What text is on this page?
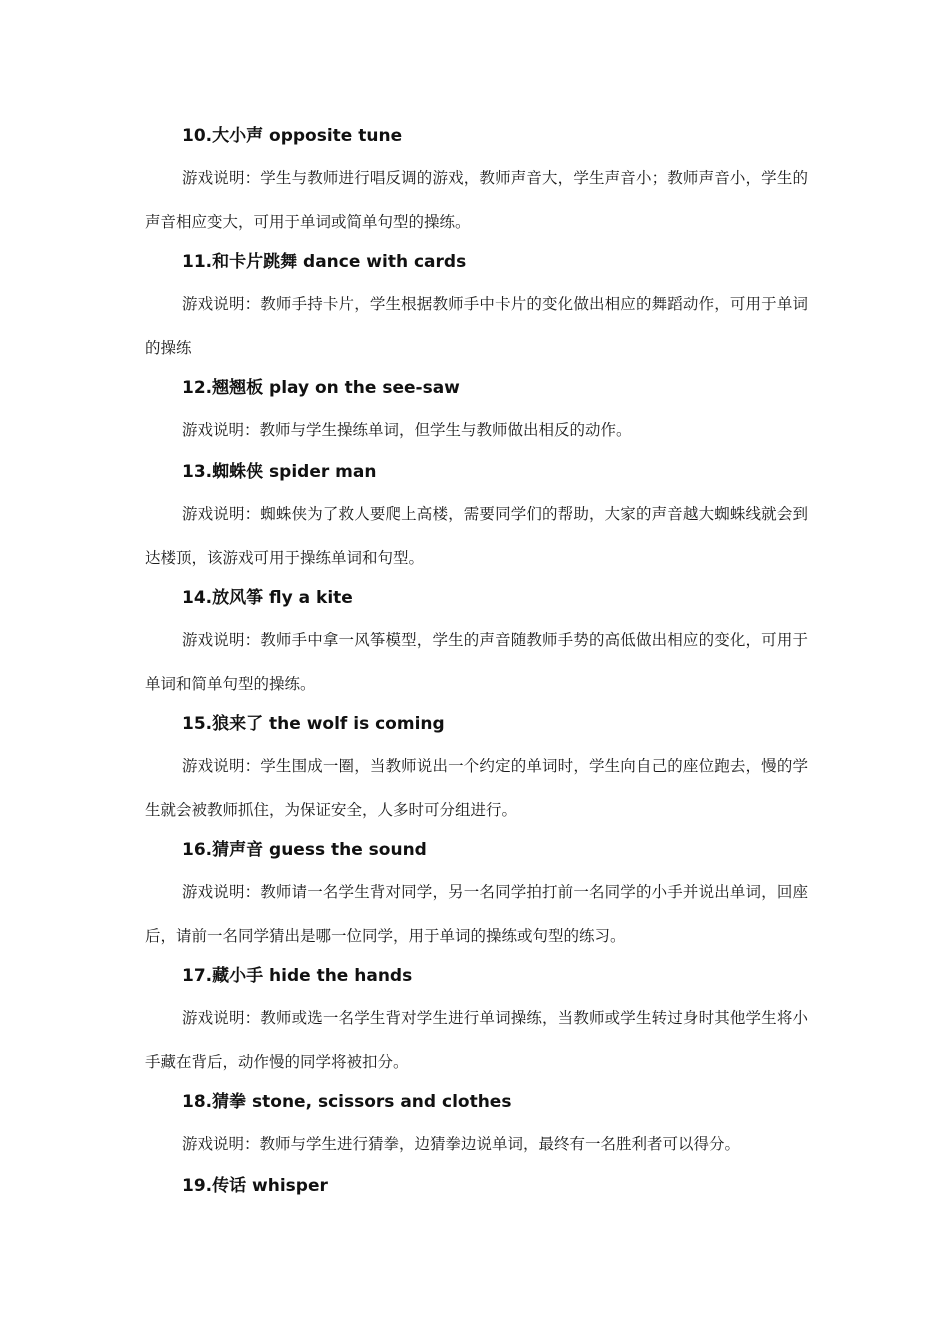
10.大小声 opposite tune

游戏说明：学生与教师进行唱反调的游戏，教师声音大，学生声音小；教师声音小，学生的声音相应变大，可用于单词或简单句型的操练。

11.和卡片跳舞 dance with cards

游戏说明：教师手持卡片，学生根据教师手中卡片的变化做出相应的舞蹈动作，可用于单词的操练

12.翘翘板 play on the see-saw

游戏说明：教师与学生操练单词，但学生与教师做出相反的动作。

13.蜘蛛侠 spider man

游戏说明：蜘蛛侠为了救人要爬上高楼，需要同学们的帮助，大家的声音越大蜘蛛线就会到达楼顶，该游戏可用于操练单词和句型。

14.放风筝 fly a kite

游戏说明：教师手中拿一风筝模型，学生的声音随教师手势的高低做出相应的变化，可用于单词和简单句型的操练。

15.狼来了 the wolf is coming

游戏说明：学生围成一圈，当教师说出一个约定的单词时，学生向自己的座位跑去，慢的学生就会被教师抓住，为保证安全，人多时可分组进行。

16.猜声音 guess the sound

游戏说明：教师请一名学生背对同学，另一名同学拍打前一名同学的小手并说出单词，回座后，请前一名同学猜出是哪一位同学，用于单词的操练或句型的练习。

17.藏小手 hide the hands

游戏说明：教师或选一名学生背对学生进行单词操练，当教师或学生转过身时其他学生将小手藏在背后，动作慢的同学将被扣分。

18.猜拳 stone, scissors and clothes

游戏说明：教师与学生进行猜拳，边猜拳边说单词，最终有一名胜利者可以得分。

19.传话 whisper
